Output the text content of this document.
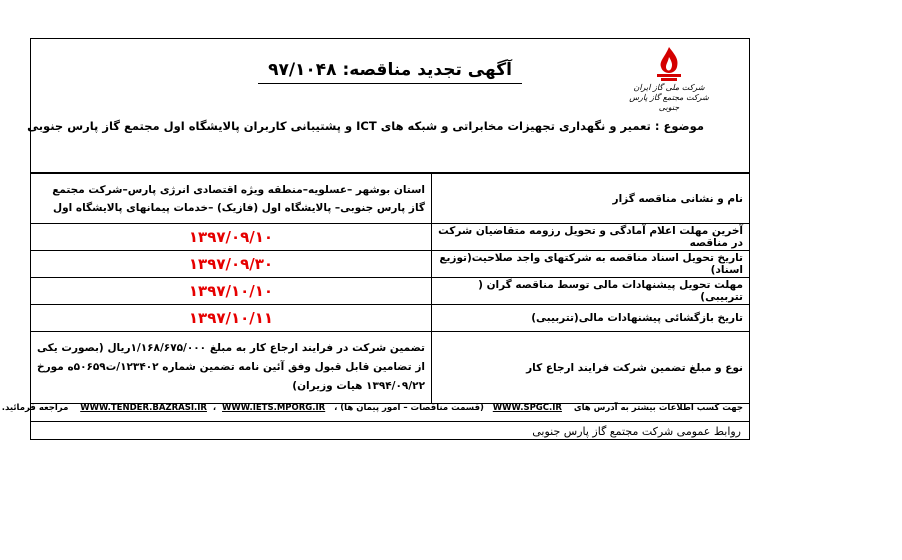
شرکت ملی گاز ایران
شرکت مجتمع گاز پارس جنوبی
آگهی تجدید مناقصه: ۹۷/۱۰۴۸
موضوع : تعمیر و نگهداری تجهیزات مخابراتی و شبکه های ICT و پشتیبانی کاربران پالایشگاه اول مجتمع گاز پارس جنوبی
نام و نشانی مناقصه گزار	استان بوشهر –عسلویه–منطقه ویژه اقتصادی انرژی پارس–شرکت مجتمع گاز پارس جنوبی– پالایشگاه اول (فازیک) –خدمات پیمانهای پالایشگاه اول
آخرین مهلت اعلام آمادگی و تحویل رزومه متقاضیان شرکت در مناقصه	۱۳۹۷/۰۹/۱۰
تاریخ تحویل اسناد مناقصه به شرکتهای واجد صلاحیت(توزیع اسناد)	۱۳۹۷/۰۹/۳۰
مهلت تحویل پیشنهادات مالی توسط مناقصه گران ( تتربیبی)	۱۳۹۷/۱۰/۱۰
تاریخ بازگشائی پیشنهادات مالی(تتربیبی)	۱۳۹۷/۱۰/۱۱
نوع و مبلغ تضمین شرکت فرایند ارجاع کار	تضمین شرکت در فرایند ارجاع کار به مبلغ ۱/۱۶۸/۶۷۵/۰۰۰ریال (بصورت یکی از تضامین قابل قبول وفق آئین نامه تضمین شماره ۱۲۳۴۰۲/ت۵۰۶۵۹ه مورخ ۱۳۹۴/۰۹/۲۲ هیات وزیران)
جهت کسب اطلاعات بیشتر به آدرس های    WWW.SPGC.IR   (قسمت مناقصات – امور پیمان ها) ،   WWW.TENDER.BAZRASI.IR  ،  WWW.IETS.MPORG.IR    مراجعه فرمائید.
روابط عمومی شرکت مجتمع گاز پارس جنوبی
